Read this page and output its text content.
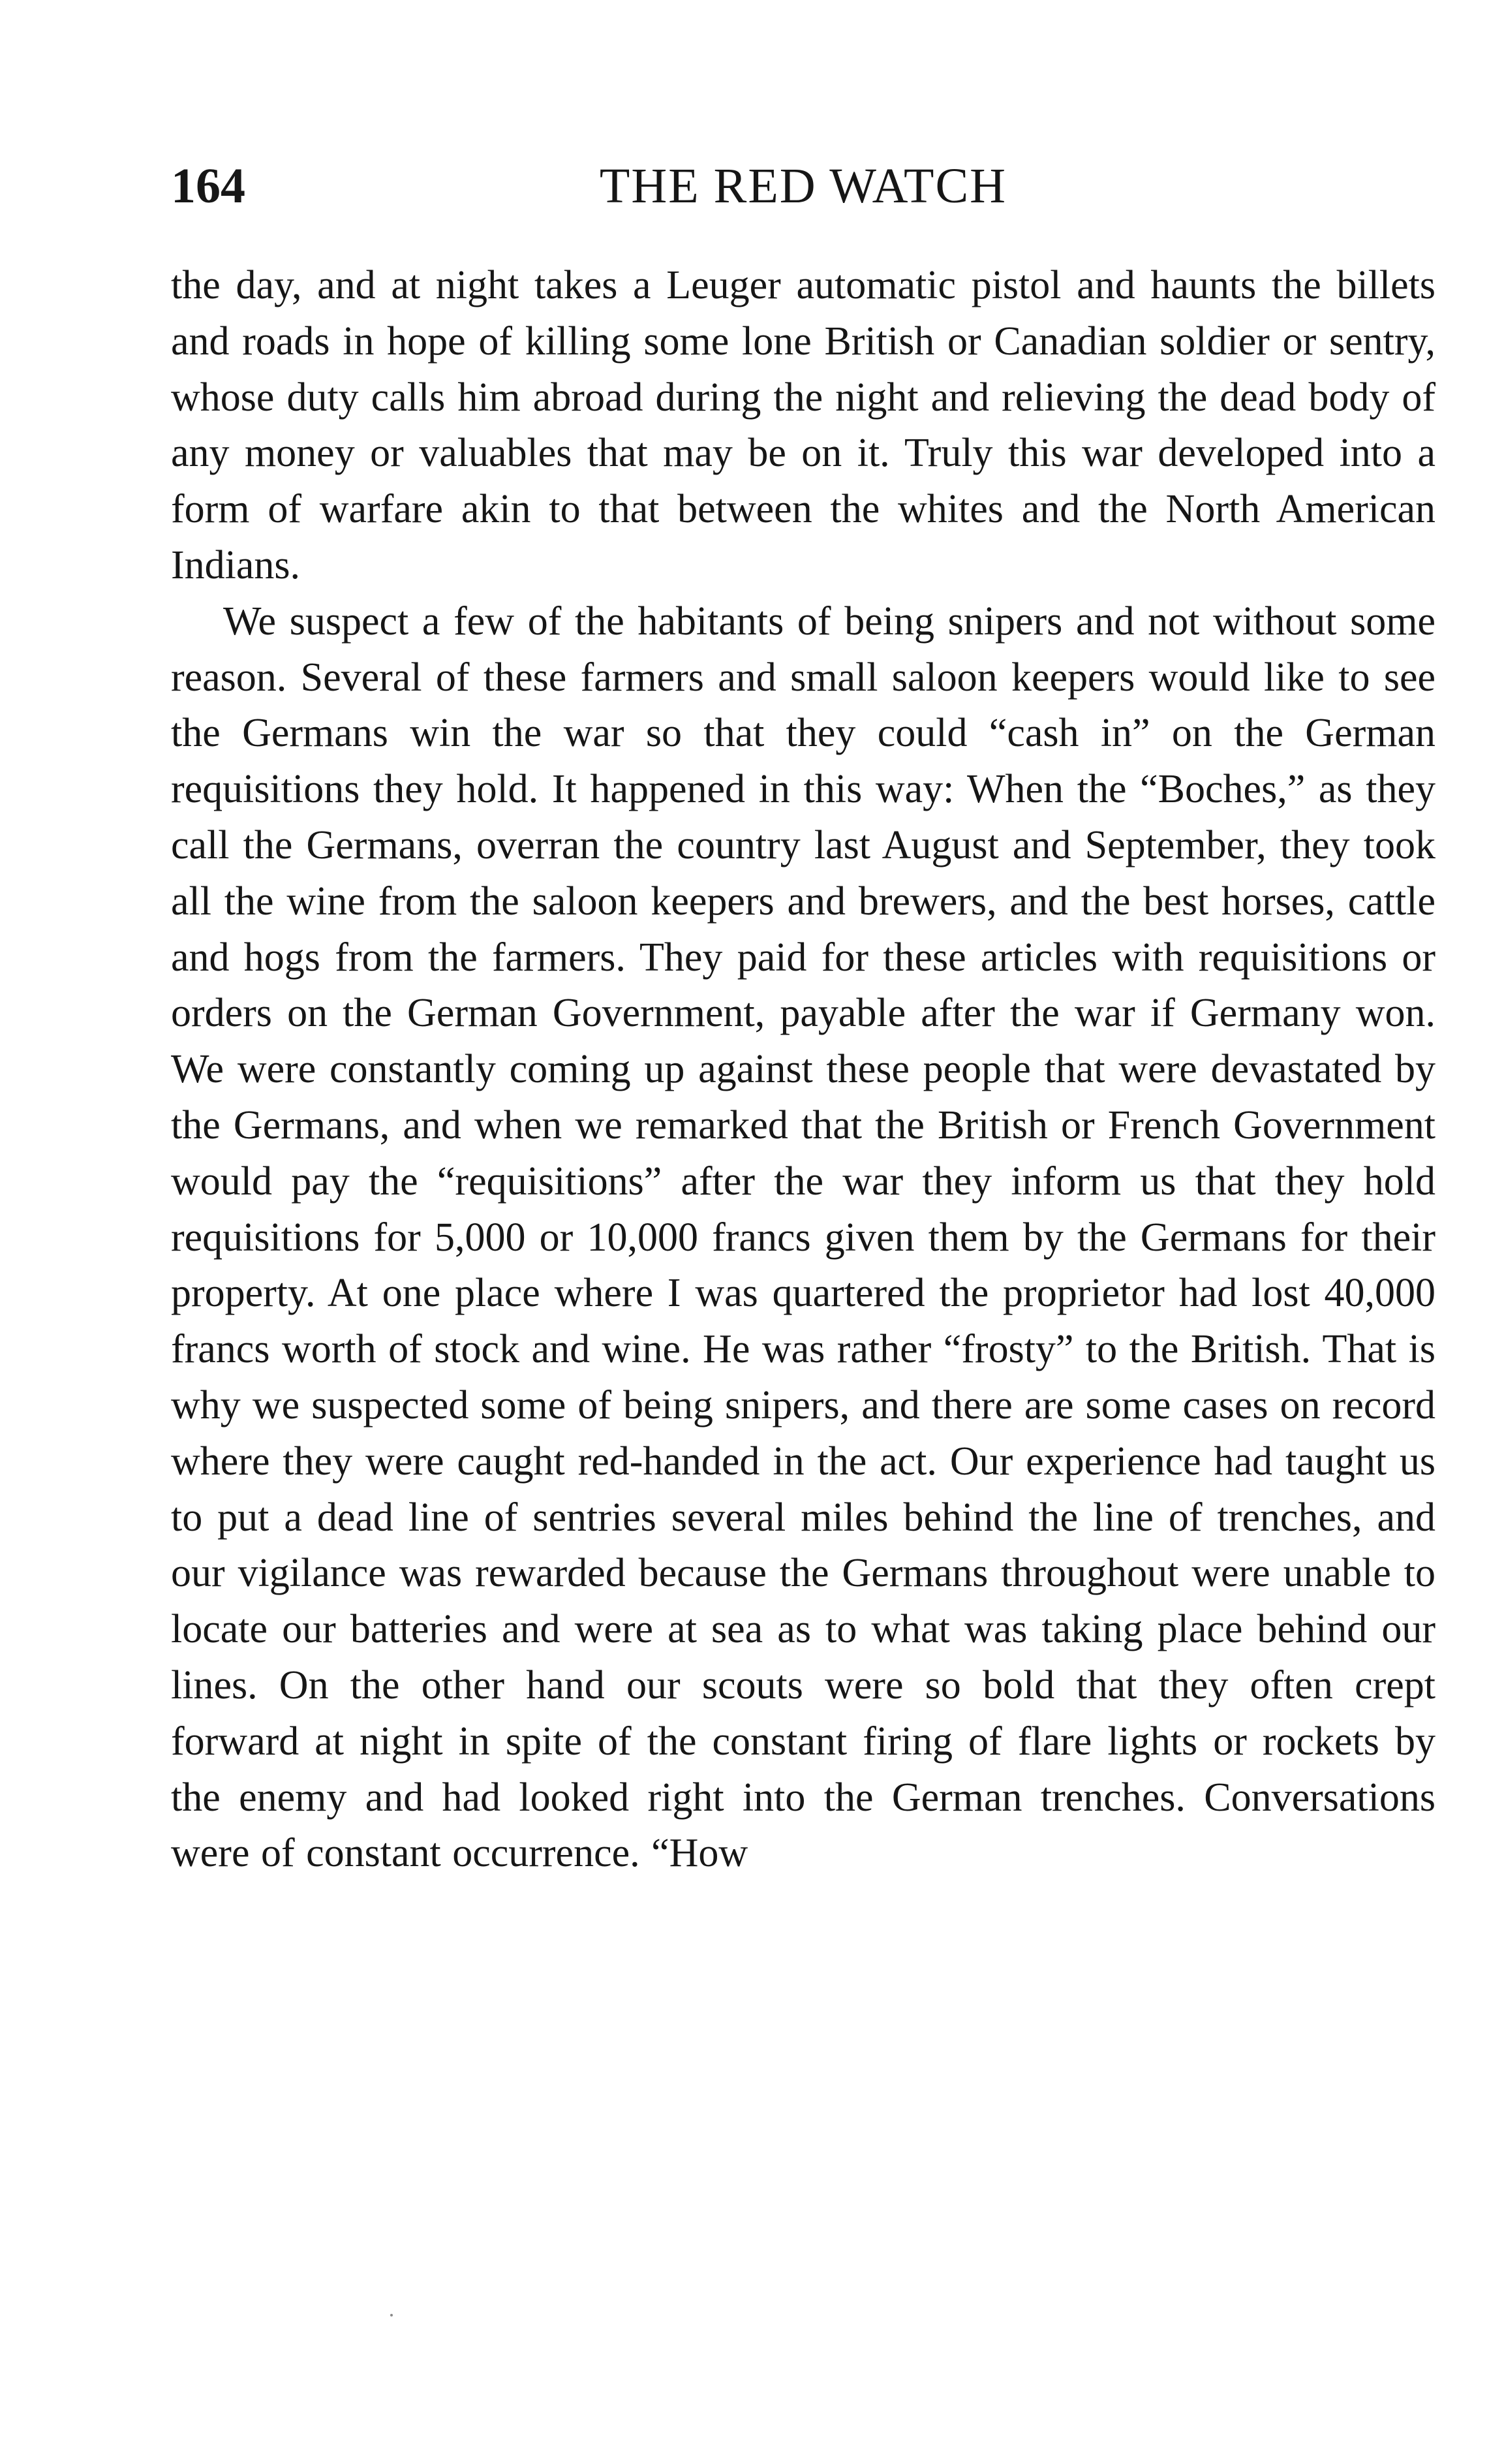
164	THE RED WATCH

the day, and at night takes a Leuger automatic pistol and haunts the billets and roads in hope of killing some lone British or Canadian soldier or sentry, whose duty calls him abroad during the night and relieving the dead body of any money or valuables that may be on it. Truly this war developed into a form of warfare akin to that between the whites and the North American Indians.

We suspect a few of the habitants of being snipers and not without some reason. Several of these farmers and small saloon keepers would like to see the Germans win the war so that they could “cash in” on the German requisitions they hold. It happened in this way: When the “Boches,” as they call the Germans, overran the country last August and September, they took all the wine from the saloon keepers and brewers, and the best horses, cattle and hogs from the farmers. They paid for these articles with requisitions or orders on the German Government, payable after the war if Germany won. We were constantly coming up against these people that were devastated by the Germans, and when we remarked that the British or French Government would pay the “requisitions” after the war they inform us that they hold requisitions for 5,000 or 10,000 francs given them by the Germans for their property. At one place where I was quartered the proprietor had lost 40,000 francs worth of stock and wine. He was rather “frosty” to the British. That is why we suspected some of being snipers, and there are some cases on record where they were caught red-handed in the act. Our experience had taught us to put a dead line of sentries several miles behind the line of trenches, and our vigilance was rewarded because the Germans throughout were unable to locate our batteries and were at sea as to what was taking place behind our lines. On the other hand our scouts were so bold that they often crept forward at night in spite of the constant firing of flare lights or rockets by the enemy and had looked right into the German trenches. Conversations were of constant occurrence. “How
